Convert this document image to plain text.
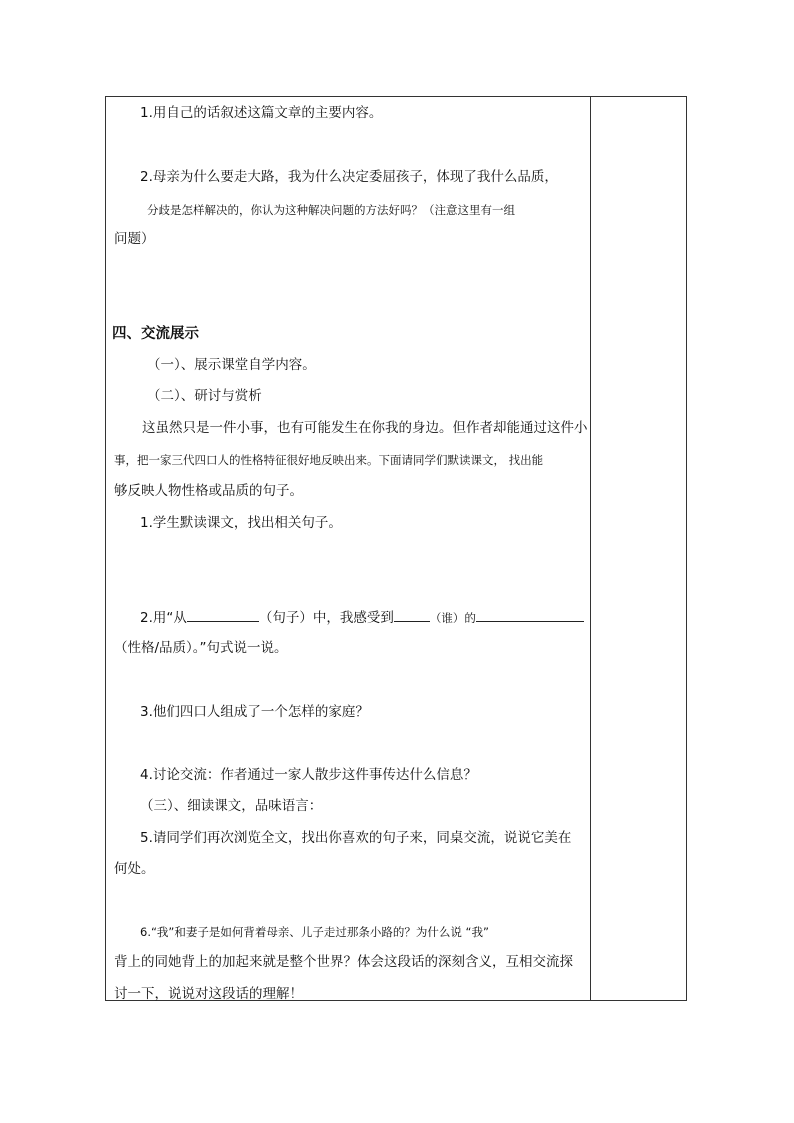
1.用自己的话叙述这篇文章的主要内容。
2.母亲为什么要走大路，我为什么决定委屈孩子，体现了我什么品质，
分歧是怎样解决的，你认为这种解决问题的方法好吗？（注意这里有一组
问题）
四、交流展示
（一）、展示课堂自学内容。
（二）、研讨与赏析
这虽然只是一件小事，也有可能发生在你我的身边。但作者却能通过这件小
事，把一家三代四口人的性格特征很好地反映出来。下面请同学们默读课文， 找出能
够反映人物性格或品质的句子。
1.学生默读课文，找出相关句子。
2.用“从	（句子）中，我感受到	（谁）的
（性格/品质）。”句式说一说。
3.他们四口人组成了一个怎样的家庭？
4.讨论交流：作者通过一家人散步这件事传达什么信息？
（三）、细读课文，品味语言：
5.请同学们再次浏览全文，找出你喜欢的句子来，同桌交流，说说它美在
何处。
6.“我”和妻子是如何背着母亲、儿子走过那条小路的？为什么说 “我”
背上的同她背上的加起来就是整个世界？体会这段话的深刻含义，互相交流探
讨一下，说说对这段话的理解！
